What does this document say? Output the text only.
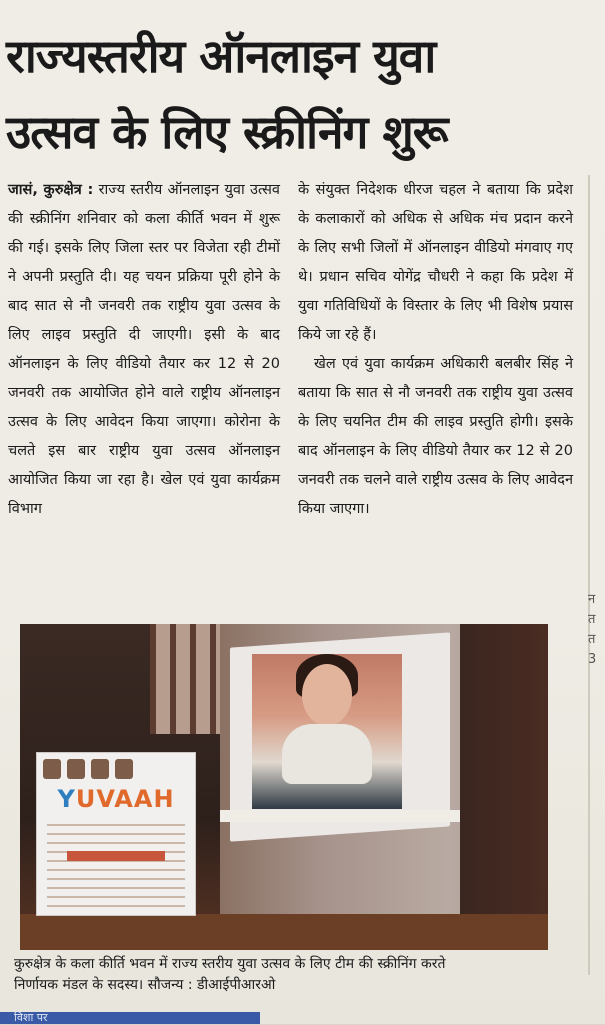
राज्यस्तरीय ऑनलाइन युवा
उत्सव के लिए स्क्रीनिंग शुरू

जासं, कुरुक्षेत्र : राज्य स्तरीय ऑनलाइन युवा उत्सव की स्क्रीनिंग शनिवार को कला कीर्ति भवन में शुरू की गई। इसके लिए जिला स्तर पर विजेता रही टीमों ने अपनी प्रस्तुति दी। यह चयन प्रक्रिया पूरी होने के बाद सात से नौ जनवरी तक राष्ट्रीय युवा उत्सव के लिए लाइव प्रस्तुति दी जाएगी। इसी के बाद ऑनलाइन के लिए वीडियो तैयार कर 12 से 20 जनवरी तक आयोजित होने वाले राष्ट्रीय ऑनलाइन उत्सव के लिए आवेदन किया जाएगा। कोरोना के चलते इस बार राष्ट्रीय युवा उत्सव ऑनलाइन आयोजित किया जा रहा है। खेल एवं युवा कार्यक्रम विभाग

के संयुक्त निदेशक धीरज चहल ने बताया कि प्रदेश के कलाकारों को अधिक से अधिक मंच प्रदान करने के लिए सभी जिलों में ऑनलाइन वीडियो मंगवाए गए थे। प्रधान सचिव योगेंद्र चौधरी ने कहा कि प्रदेश में युवा गतिविधियों के विस्तार के लिए भी विशेष प्रयास किये जा रहे हैं।

खेल एवं युवा कार्यक्रम अधिकारी बलबीर सिंह ने बताया कि सात से नौ जनवरी तक राष्ट्रीय युवा उत्सव के लिए चयनित टीम की लाइव प्रस्तुति होगी। इसके बाद ऑनलाइन के लिए वीडियो तैयार कर 12 से 20 जनवरी तक चलने वाले राष्ट्रीय उत्सव के लिए आवेदन किया जाएगा।

YUVAAH

कुरुक्षेत्र के कला कीर्ति भवन में राज्य स्तरीय युवा उत्सव के लिए टीम की स्क्रीनिंग करते

निर्णायक मंडल के सदस्य। सौजन्य : डीआईपीआरओ

न
त
त
3
विशा पर
